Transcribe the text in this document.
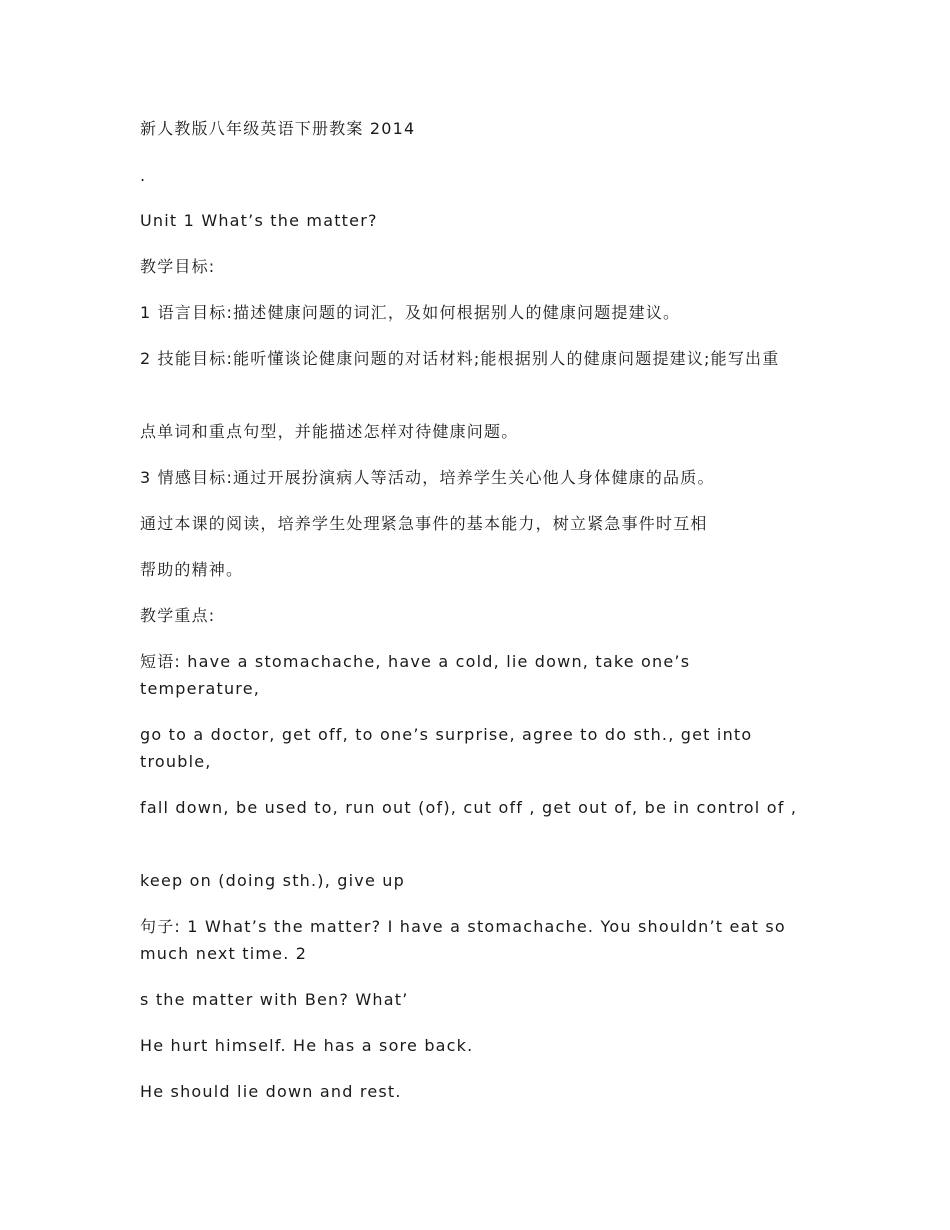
新人教版八年级英语下册教案 2014
.
Unit 1 What’s the matter?
教学目标:
1 语言目标:描述健康问题的词汇，及如何根据别人的健康问题提建议。
2 技能目标:能听懂谈论健康问题的对话材料;能根据别人的健康问题提建议;能写出重
点单词和重点句型，并能描述怎样对待健康问题。
3 情感目标:通过开展扮演病人等活动，培养学生关心他人身体健康的品质。
通过本课的阅读，培养学生处理紧急事件的基本能力，树立紧急事件时互相
帮助的精神。
教学重点:
短语: have a stomachache, have a cold, lie down, take one’s temperature,
go to a doctor, get off, to one’s surprise, agree to do sth., get into trouble,
fall down, be used to, run out (of), cut off , get out of, be in control of ,
keep on (doing sth.), give up
句子: 1 What’s the matter? I have a stomachache. You shouldn’t eat so much next time. 2
s the matter with Ben? What’
He hurt himself. He has a sore back.
He should lie down and rest.
